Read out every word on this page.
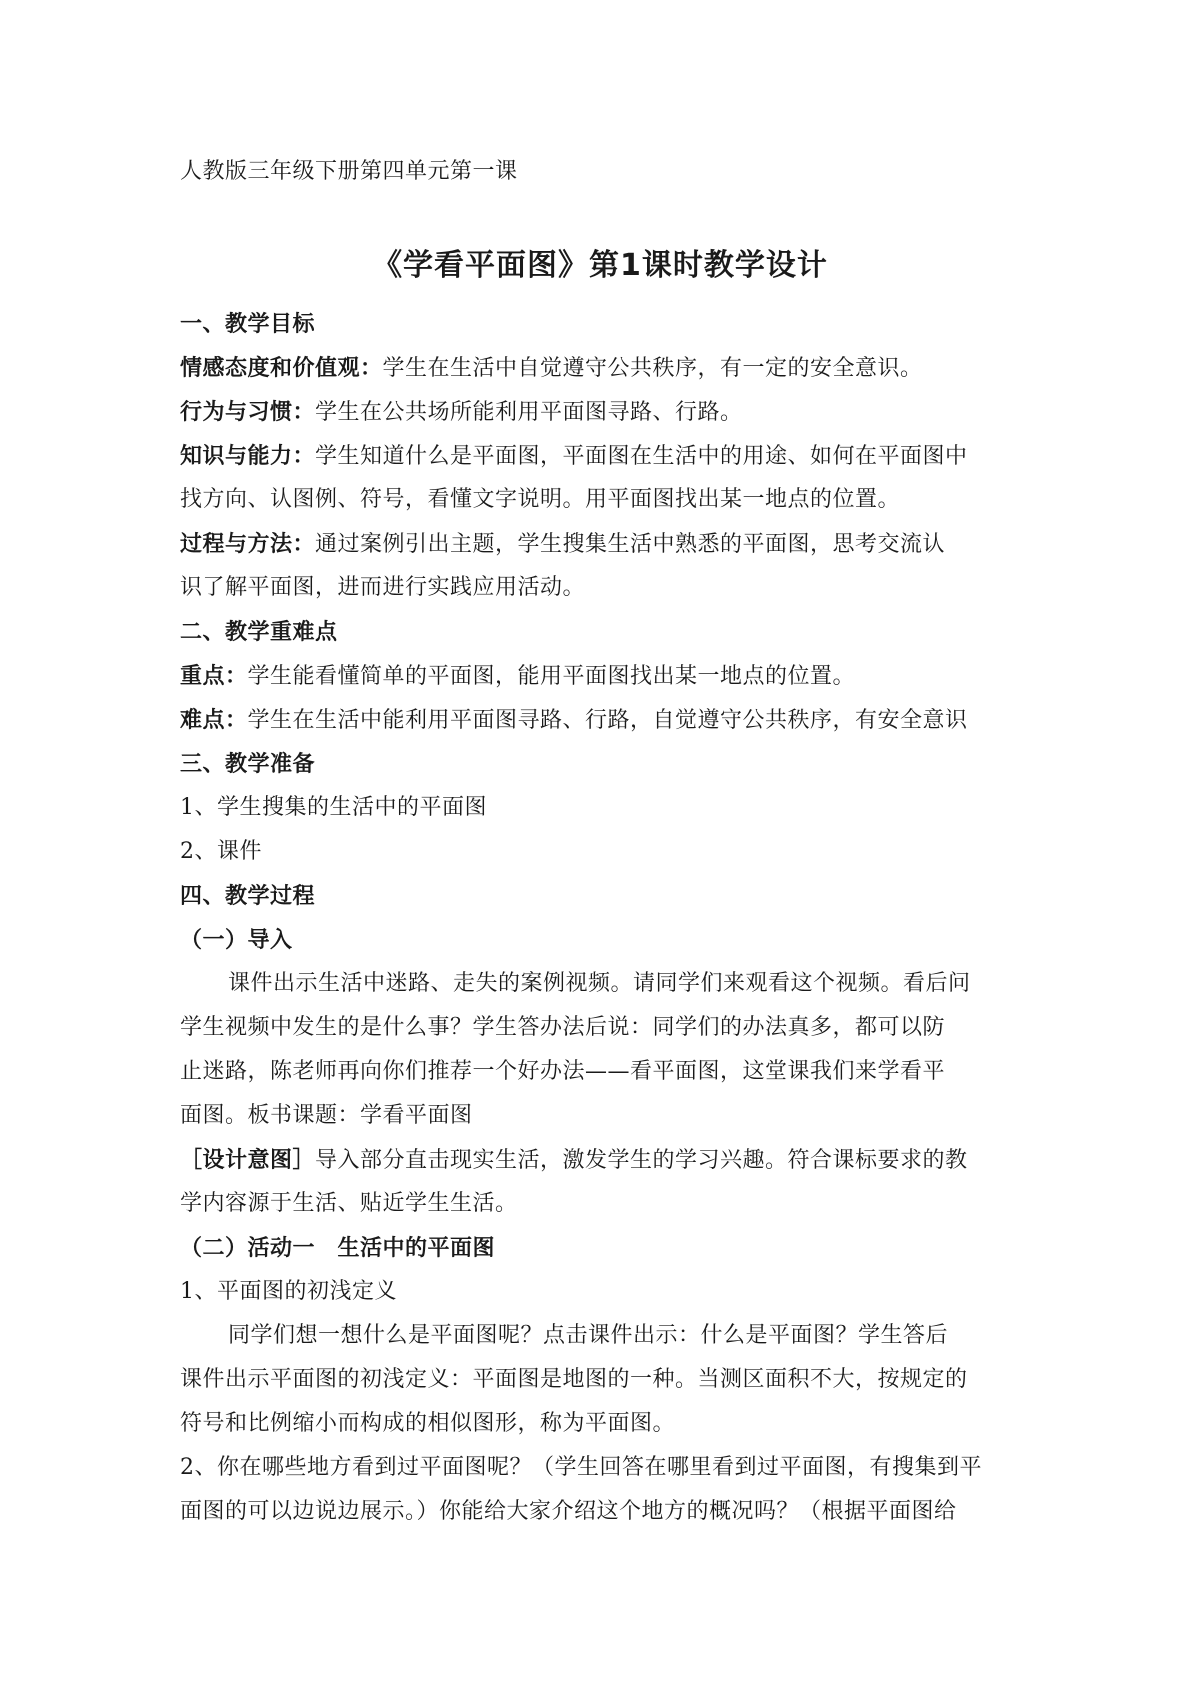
人教版三年级下册第四单元第一课
《学看平面图》第1课时教学设计
一、教学目标
情感态度和价值观：学生在生活中自觉遵守公共秩序，有一定的安全意识。
行为与习惯：学生在公共场所能利用平面图寻路、行路。
知识与能力：学生知道什么是平面图，平面图在生活中的用途、如何在平面图中
找方向、认图例、符号，看懂文字说明。用平面图找出某一地点的位置。
过程与方法：通过案例引出主题，学生搜集生活中熟悉的平面图，思考交流认
识了解平面图，进而进行实践应用活动。
二、教学重难点
重点：学生能看懂简单的平面图，能用平面图找出某一地点的位置。
难点：学生在生活中能利用平面图寻路、行路，自觉遵守公共秩序，有安全意识
三、教学准备
1、学生搜集的生活中的平面图
2、课件
四、教学过程
（一）导入
课件出示生活中迷路、走失的案例视频。请同学们来观看这个视频。看后问
学生视频中发生的是什么事？学生答办法后说：同学们的办法真多，都可以防
止迷路，陈老师再向你们推荐一个好办法——看平面图，这堂课我们来学看平
面图。板书课题：学看平面图
［设计意图］导入部分直击现实生活，激发学生的学习兴趣。符合课标要求的教
学内容源于生活、贴近学生生活。
（二）活动一　生活中的平面图
1、平面图的初浅定义
同学们想一想什么是平面图呢？点击课件出示：什么是平面图？学生答后
课件出示平面图的初浅定义：平面图是地图的一种。当测区面积不大，按规定的
符号和比例缩小而构成的相似图形，称为平面图。
2、你在哪些地方看到过平面图呢？（学生回答在哪里看到过平面图，有搜集到平
面图的可以边说边展示。）你能给大家介绍这个地方的概况吗？（根据平面图给
